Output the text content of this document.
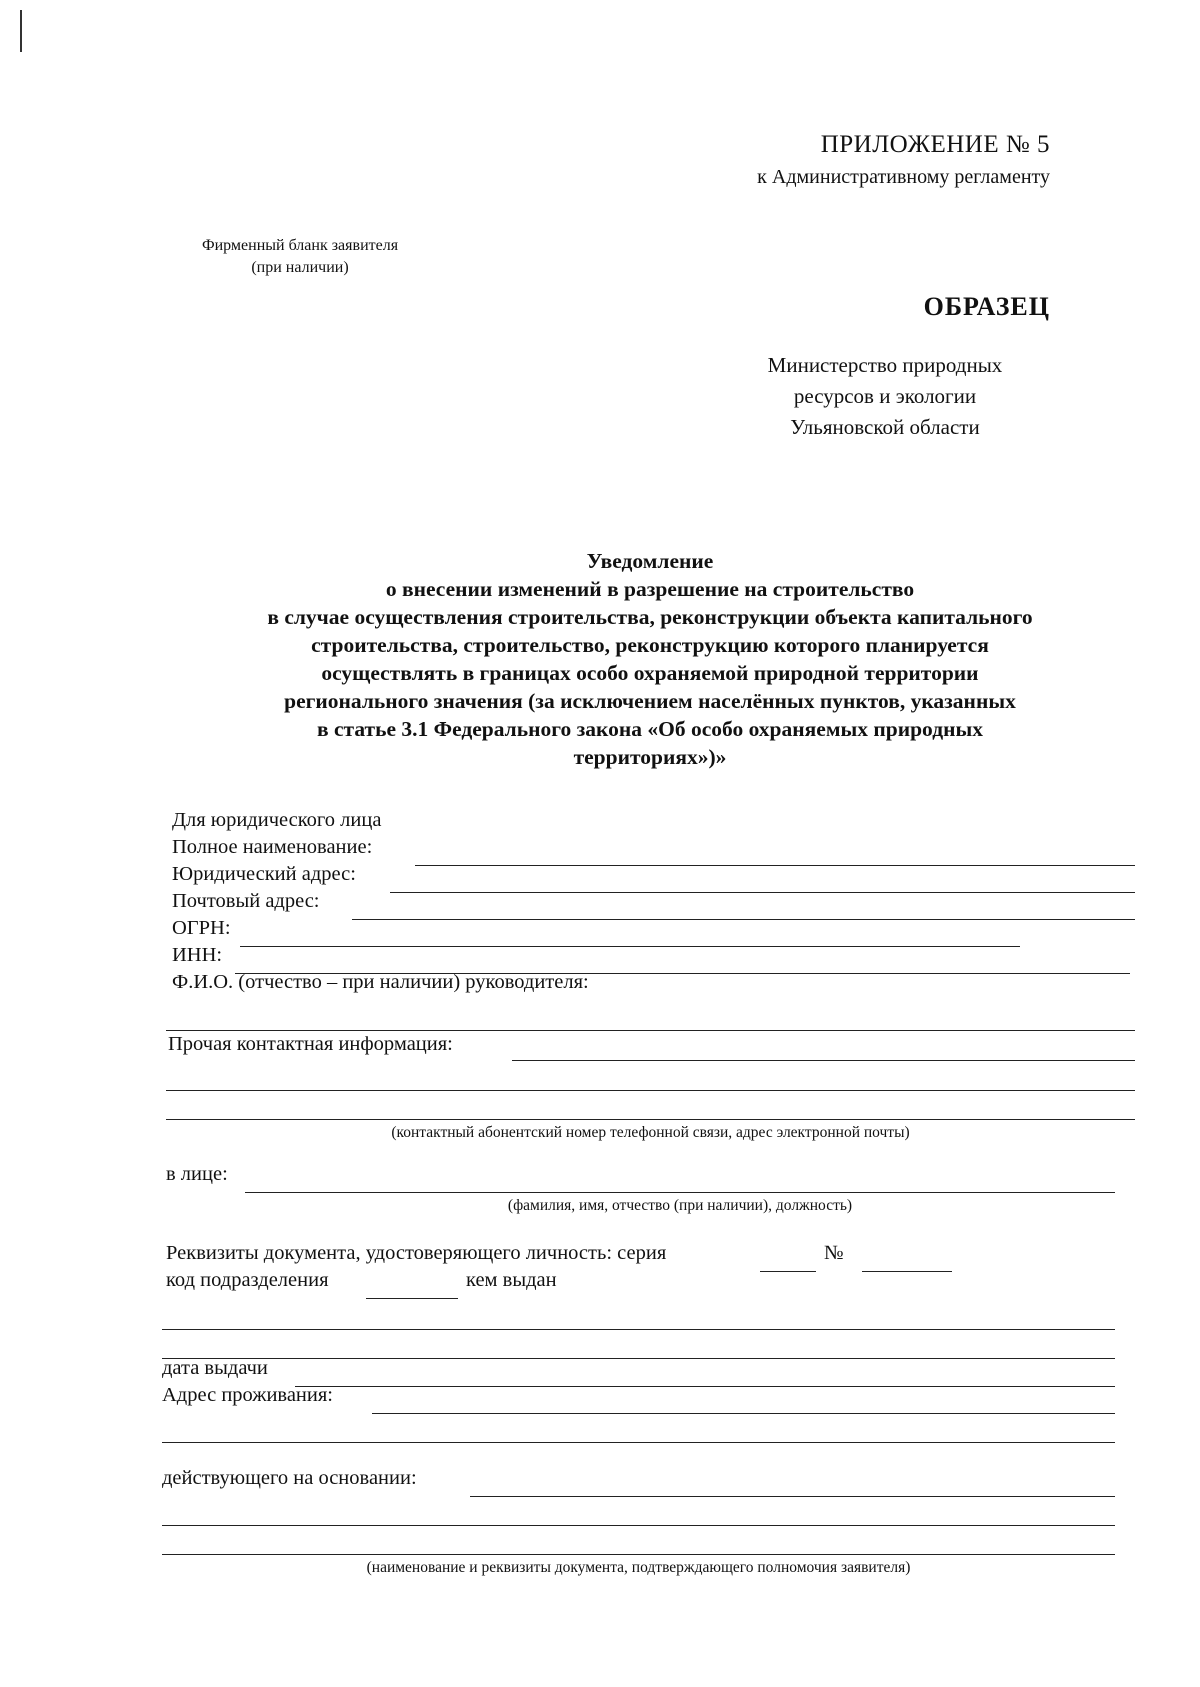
ПРИЛОЖЕНИЕ № 5
к Административному регламенту
Фирменный бланк заявителя
(при наличии)
ОБРАЗЕЦ
Министерство природных
ресурсов и экологии
Ульяновской области
Уведомление
о внесении изменений в разрешение на строительство
в случае осуществления строительства, реконструкции объекта капитального
строительства, строительство, реконструкцию которого планируется
осуществлять в границах особо охраняемой природной территории
регионального значения (за исключением населённых пунктов, указанных
в статье 3.1 Федерального закона «Об особо охраняемых природных
территориях»)»
Для юридического лица
Полное наименование:
Юридический адрес:
Почтовый адрес:
ОГРН:
ИНН:
Ф.И.О. (отчество – при наличии) руководителя:
Прочая контактная информация:
(контактный абонентский номер телефонной связи, адрес электронной почты)
в лице:
(фамилия, имя, отчество (при наличии), должность)
Реквизиты документа, удостоверяющего личность: серия	№
код подразделения	кем выдан
дата выдачи
Адрес проживания:
действующего на основании:
(наименование и реквизиты документа, подтверждающего полномочия заявителя)
